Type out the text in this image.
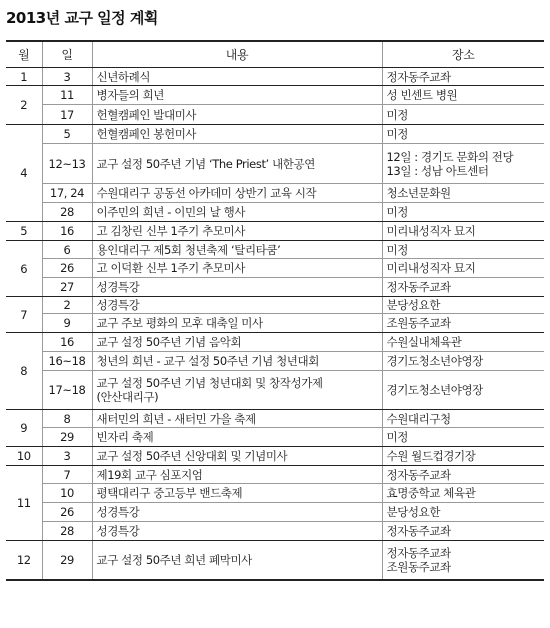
2013년 교구 일정 계획
월	일	내용	장소
1	3	신년하례식	정자동주교좌

2	11	병자들의 희년	성 빈센트 병원

	17	헌혈캠페인 발대미사	미정

4	5	헌혈캠페인 봉헌미사	미정

	12~13	교구 설정 50주년 기념 ‘The Priest’ 내한공연	12일 : 경기도 문화의 전당
13일 : 성남 아트센터

	17, 24	수원대리구 공동선 아카데미 상반기 교육 시작	청소년문화원

	28	이주민의 희년 - 이민의 날 행사	미정

5	16	고 김창린 신부 1주기 추모미사	미리내성직자 묘지

6	6	용인대리구 제5회 청년축제 ‘탈리타쿰’	미정

	26	고 이덕환 신부 1주기 추모미사	미리내성직자 묘지

	27	성경특강	정자동주교좌

7	2	성경특강	분당성요한

	9	교구 주보 평화의 모후 대축일 미사	조원동주교좌

8	16	교구 설정 50주년 기념 음악회	수원실내체육관

	16~18	청년의 희년 - 교구 설정 50주년 기념 청년대회	경기도청소년야영장

	17~18	교구 설정 50주년 기념 청년대회 및 창작성가제
(안산대리구)	경기도청소년야영장

9	8	새터민의 희년 - 새터민 가을 축제	수원대리구청

	29	빈자리 축제	미정

10	3	교구 설정 50주년 신앙대회 및 기념미사	수원 월드컵경기장

11	7	제19회 교구 심포지엄	정자동주교좌

	10	평택대리구 중고등부 밴드축제	효명중학교 체육관

	26	성경특강	분당성요한

	28	성경특강	정자동주교좌

12	29	교구 설정 50주년 희년 폐막미사	정자동주교좌
조원동주교좌
